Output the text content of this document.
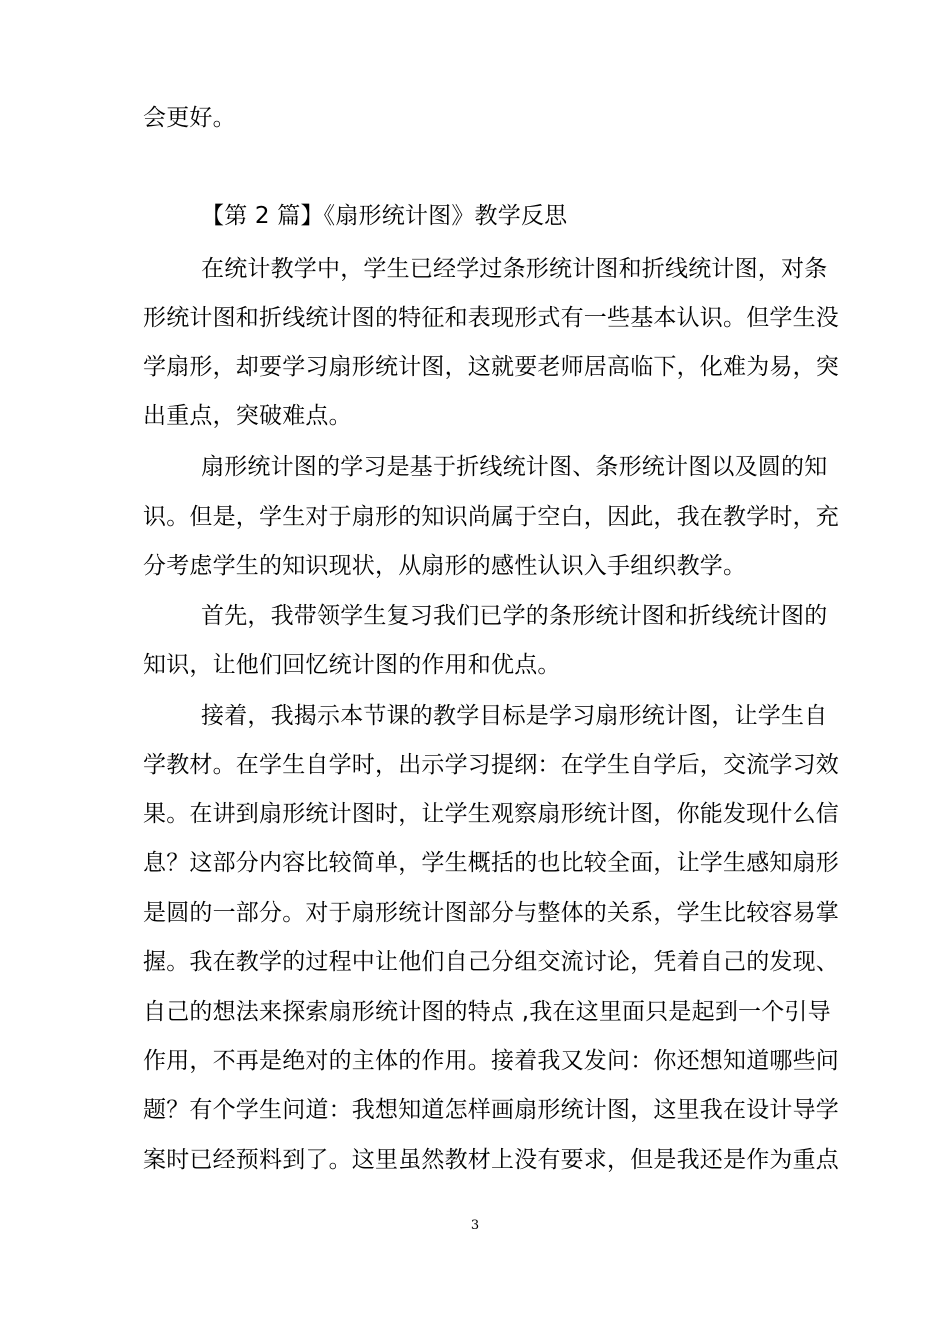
会更好。
【第 2 篇】《扇形统计图》教学反思
在统计教学中，学生已经学过条形统计图和折线统计图，对条
形统计图和折线统计图的特征和表现形式有一些基本认识。但学生没
学扇形，却要学习扇形统计图，这就要老师居高临下，化难为易，突
出重点，突破难点。
扇形统计图的学习是基于折线统计图、条形统计图以及圆的知
识。但是，学生对于扇形的知识尚属于空白，因此，我在教学时，充
分考虑学生的知识现状，从扇形的感性认识入手组织教学。
首先，我带领学生复习我们已学的条形统计图和折线统计图的
知识，让他们回忆统计图的作用和优点。
接着，我揭示本节课的教学目标是学习扇形统计图，让学生自
学教材。在学生自学时，出示学习提纲：在学生自学后，交流学习效
果。在讲到扇形统计图时，让学生观察扇形统计图，你能发现什么信
息？这部分内容比较简单，学生概括的也比较全面，让学生感知扇形
是圆的一部分。对于扇形统计图部分与整体的关系，学生比较容易掌
握。我在教学的过程中让他们自己分组交流讨论，凭着自己的发现、
自己的想法来探索扇形统计图的特点 ,我在这里面只是起到一个引导
作用，不再是绝对的主体的作用。接着我又发问：你还想知道哪些问
题？有个学生问道：我想知道怎样画扇形统计图，这里我在设计导学
案时已经预料到了。这里虽然教材上没有要求，但是我还是作为重点
3
